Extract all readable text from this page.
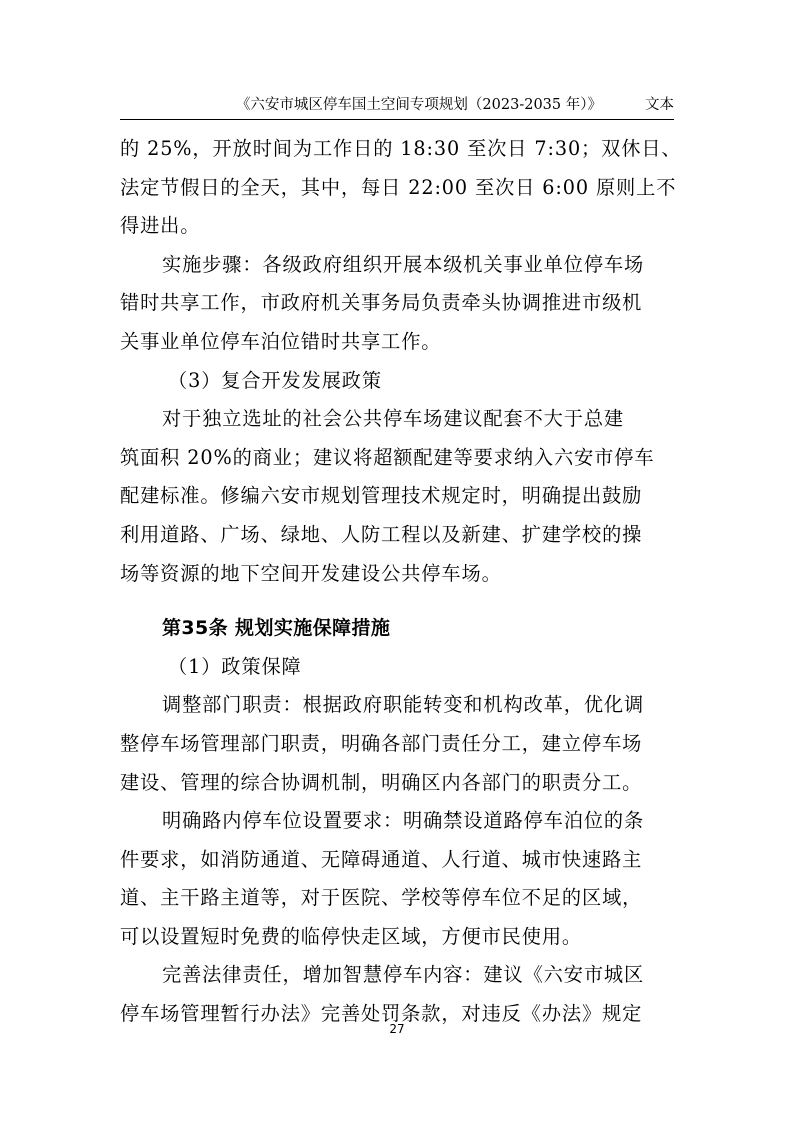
《六安市城区停车国土空间专项规划（2023-2035 年）》	文本
的 25%，开放时间为工作日的 18:30 至次日 7:30；双休日、
法定节假日的全天，其中，每日 22:00 至次日 6:00 原则上不
得进出。
实施步骤：各级政府组织开展本级机关事业单位停车场
错时共享工作，市政府机关事务局负责牵头协调推进市级机
关事业单位停车泊位错时共享工作。
（3）复合开发发展政策
对于独立选址的社会公共停车场建议配套不大于总建
筑面积 20%的商业；建议将超额配建等要求纳入六安市停车
配建标准。修编六安市规划管理技术规定时，明确提出鼓励
利用道路、广场、绿地、人防工程以及新建、扩建学校的操
场等资源的地下空间开发建设公共停车场。
第35条 规划实施保障措施
（1）政策保障
调整部门职责：根据政府职能转变和机构改革，优化调
整停车场管理部门职责，明确各部门责任分工，建立停车场
建设、管理的综合协调机制，明确区内各部门的职责分工。
明确路内停车位设置要求：明确禁设道路停车泊位的条
件要求，如消防通道、无障碍通道、人行道、城市快速路主
道、主干路主道等，对于医院、学校等停车位不足的区域，
可以设置短时免费的临停快走区域，方便市民使用。
完善法律责任，增加智慧停车内容：建议《六安市城区
停车场管理暂行办法》完善处罚条款，对违反《办法》规定
27
